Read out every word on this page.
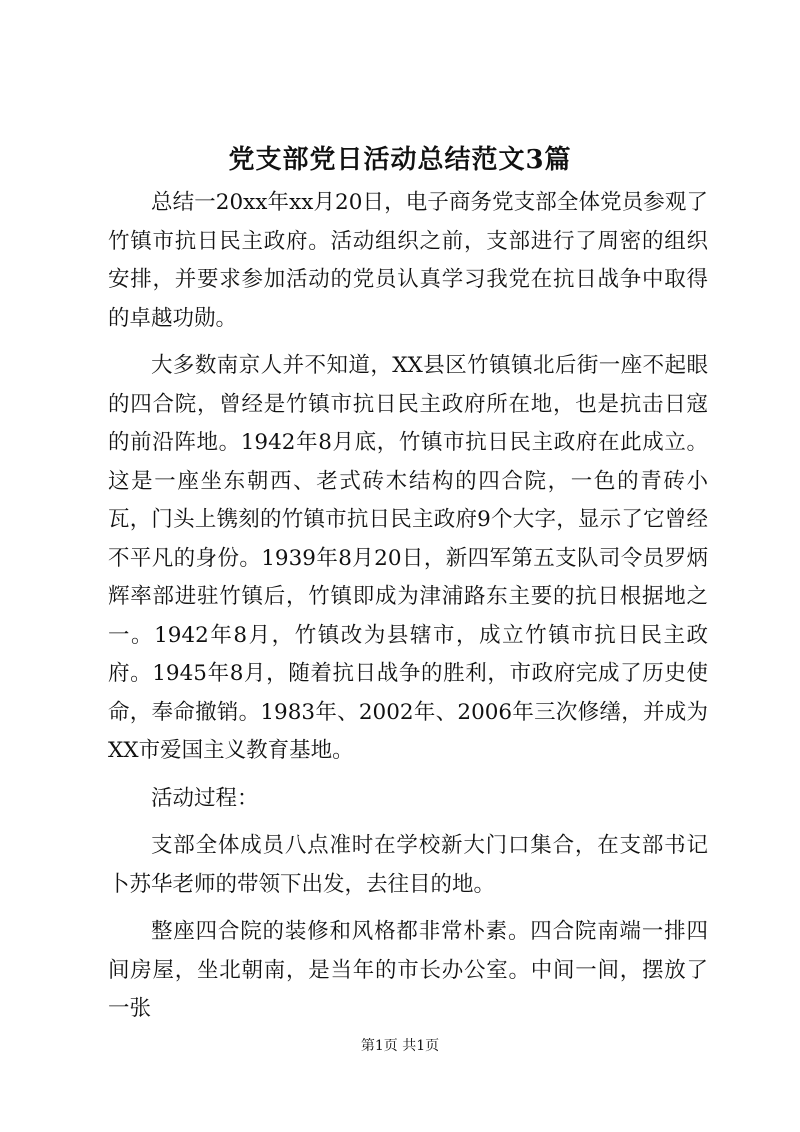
党支部党日活动总结范文3篇

总结一20xx年xx月20日，电子商务党支部全体党员参观了竹镇市抗日民主政府。活动组织之前，支部进行了周密的组织安排，并要求参加活动的党员认真学习我党在抗日战争中取得的卓越功勋。

大多数南京人并不知道，XX县区竹镇镇北后街一座不起眼的四合院，曾经是竹镇市抗日民主政府所在地，也是抗击日寇的前沿阵地。1942年8月底，竹镇市抗日民主政府在此成立。这是一座坐东朝西、老式砖木结构的四合院，一色的青砖小瓦，门头上镌刻的竹镇市抗日民主政府9个大字，显示了它曾经不平凡的身份。1939年8月20日，新四军第五支队司令员罗炳辉率部进驻竹镇后，竹镇即成为津浦路东主要的抗日根据地之一。1942年8月，竹镇改为县辖市，成立竹镇市抗日民主政府。1945年8月，随着抗日战争的胜利，市政府完成了历史使命，奉命撤销。1983年、2002年、2006年三次修缮，并成为XX市爱国主义教育基地。

活动过程：

支部全体成员八点准时在学校新大门口集合，在支部书记卜苏华老师的带领下出发，去往目的地。

整座四合院的装修和风格都非常朴素。四合院南端一排四间房屋，坐北朝南，是当年的市长办公室。中间一间，摆放了一张

第1页 共1页
